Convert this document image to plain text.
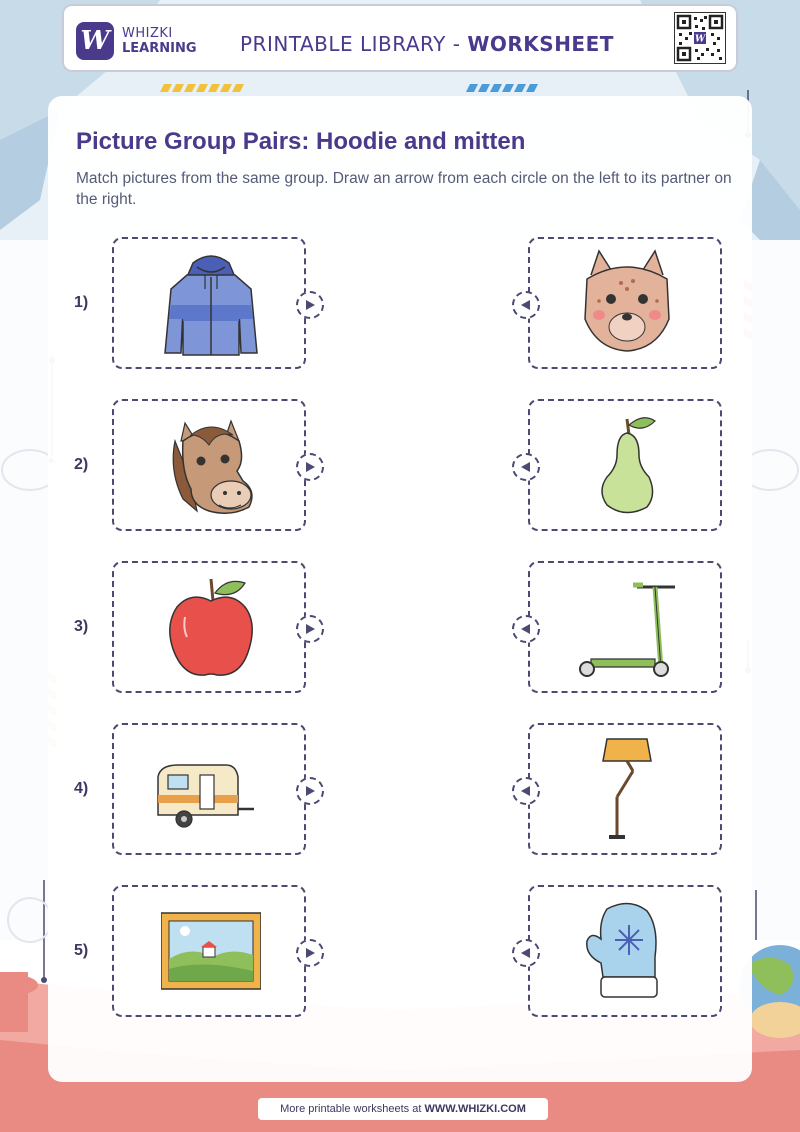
W WHIZKI
LEARNING PRINTABLE LIBRARY - WORKSHEET	W
Picture Group Pairs: Hoodie and mitten

Match pictures from the same group. Draw an arrow from each circle on the left to its partner on the right.

1)
2)
3)
4)
5)
More printable worksheets at WWW.WHIZKI.COM
